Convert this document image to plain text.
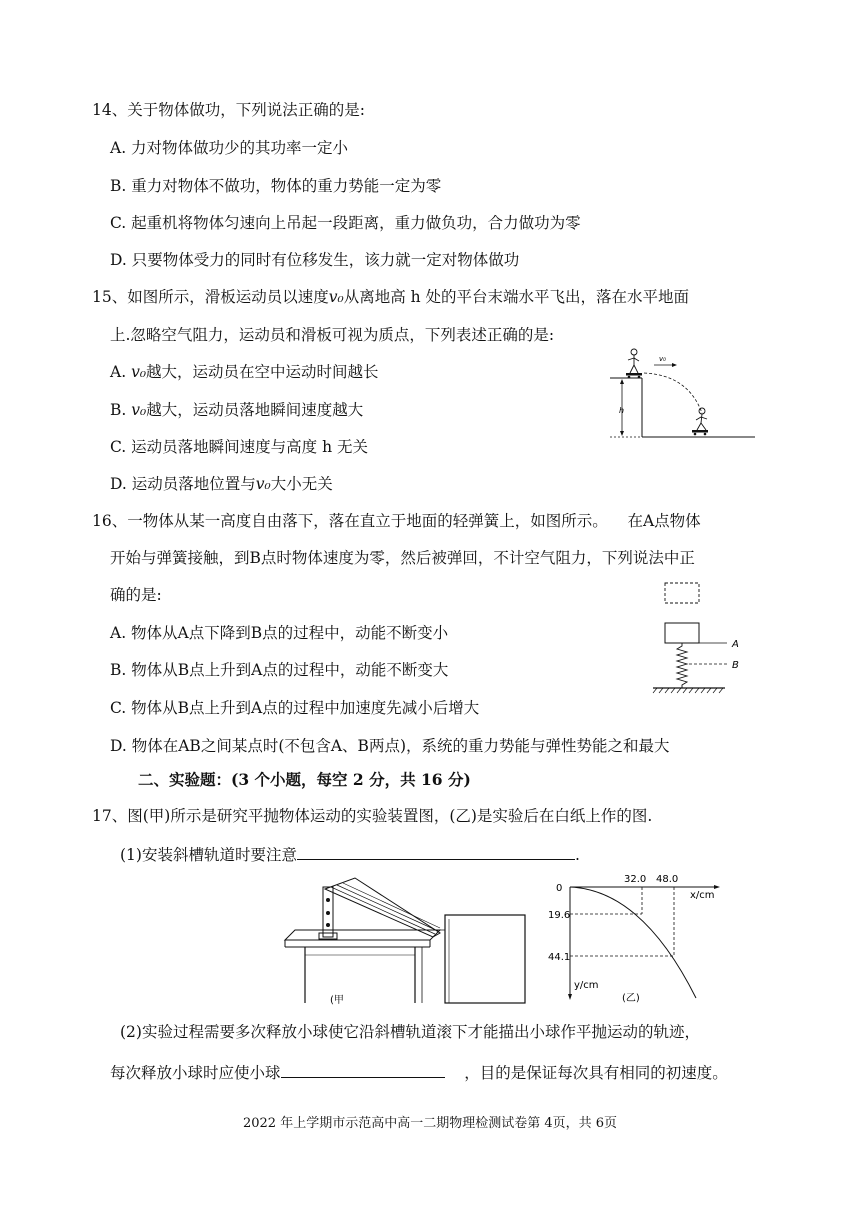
14、关于物体做功，下列说法正确的是:
A. 力对物体做功少的其功率一定小
B. 重力对物体不做功，物体的重力势能一定为零
C. 起重机将物体匀速向上吊起一段距离，重力做负功，合力做功为零
D. 只要物体受力的同时有位移发生，该力就一定对物体做功
15、如图所示，滑板运动员以速度v₀从离地高 h 处的平台末端水平飞出，落在水平地面
上.忽略空气阻力，运动员和滑板可视为质点，下列表述正确的是:
A. v₀越大，运动员在空中运动时间越长
B. v₀越大，运动员落地瞬间速度越大
C. 运动员落地瞬间速度与高度 h 无关
D. 运动员落地位置与v₀大小无关
h
v₀
16、一物体从某一高度自由落下，落在直立于地面的轻弹簧上，如图所示。 在A点物体
开始与弹簧接触，到B点时物体速度为零，然后被弹回，不计空气阻力，下列说法中正
确的是:
A. 物体从A点下降到B点的过程中，动能不断变小
B. 物体从B点上升到A点的过程中，动能不断变大
C. 物体从B点上升到A点的过程中加速度先减小后增大
D. 物体在AB之间某点时(不包含A、B两点)，系统的重力势能与弹性势能之和最大
A
B
二、实验题：(3 个小题，每空 2 分，共 16 分)
17、图(甲)所示是研究平抛物体运动的实验装置图，(乙)是实验后在白纸上作的图.
(1)安装斜槽轨道时要注意	.
(甲
0
32.0 48.0
x/cm
19.6
44.1
y/cm
(乙)
(2)实验过程需要多次释放小球使它沿斜槽轨道滚下才能描出小球作平抛运动的轨迹，
每次释放小球时应使小球	，目的是保证每次具有相同的初速度。
2022 年上学期市示范高中高一二期物理检测试卷第 4页，共 6页
